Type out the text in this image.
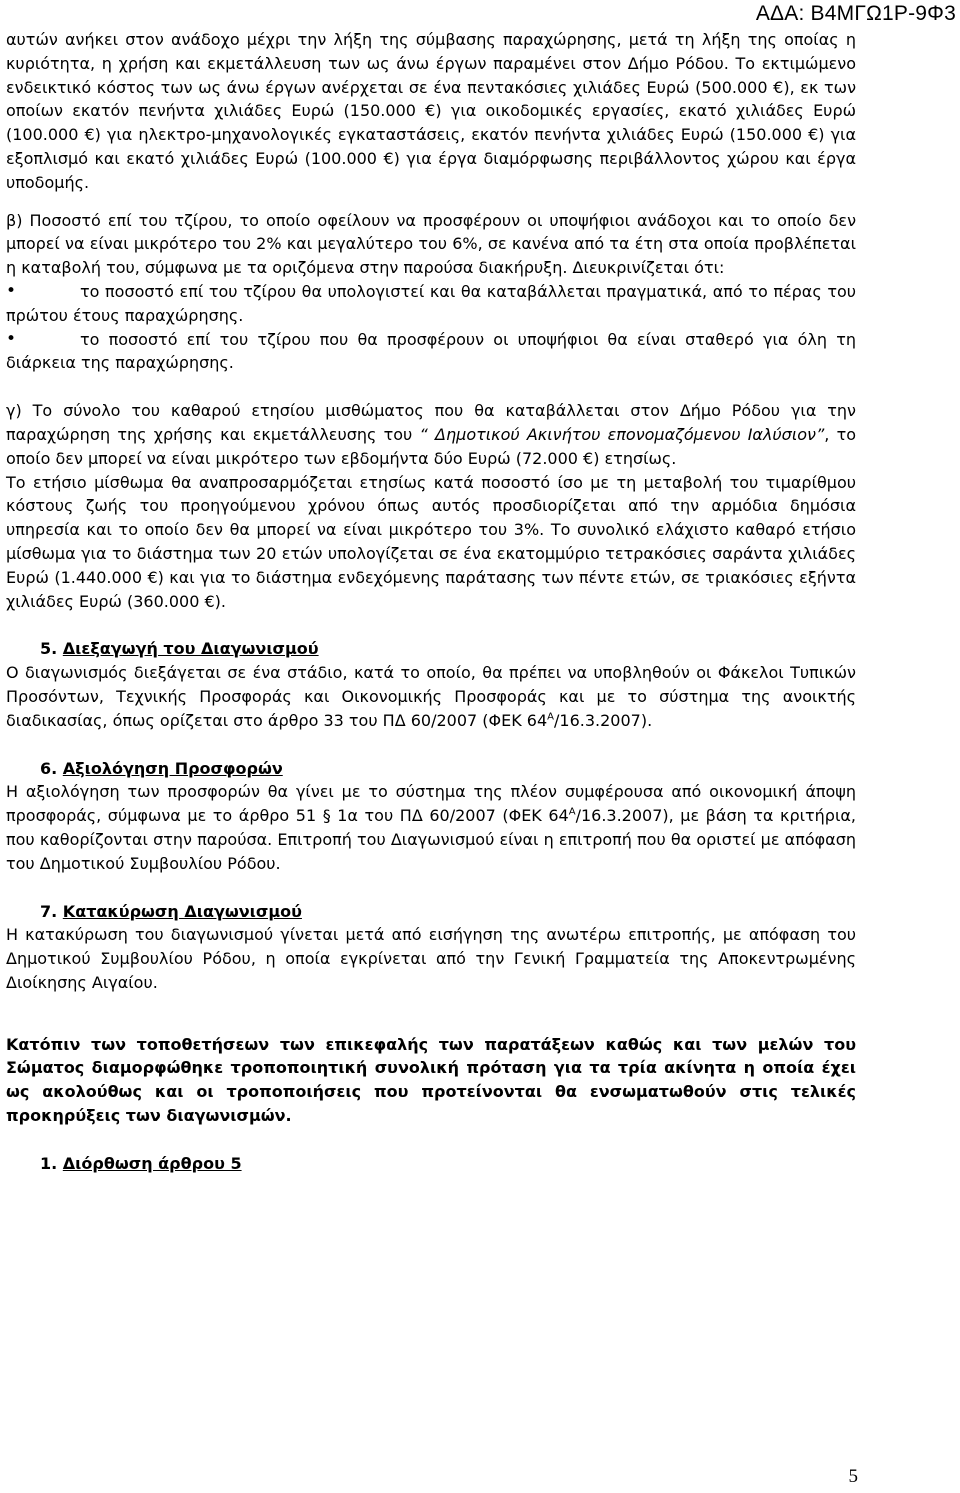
ΑΔΑ: Β4ΜΓΩ1Ρ-9Φ3

αυτών ανήκει στον ανάδοχο μέχρι την λήξη της σύμβασης παραχώρησης, μετά τη λήξη της οποίας η κυριότητα, η χρήση και εκμετάλλευση των ως άνω έργων παραμένει στον Δήμο Ρόδου. Το εκτιμώμενο ενδεικτικό κόστος των ως άνω έργων ανέρχεται σε ένα πεντακόσιες χιλιάδες Ευρώ (500.000 €), εκ των οποίων εκατόν πενήντα χιλιάδες Ευρώ (150.000 €) για οικοδομικές εργασίες, εκατό χιλιάδες Ευρώ (100.000 €) για ηλεκτρο-μηχανολογικές εγκαταστάσεις, εκατόν πενήντα χιλιάδες Ευρώ (150.000 €) για εξοπλισμό και εκατό χιλιάδες Ευρώ (100.000 €) για έργα διαμόρφωσης περιβάλλοντος χώρου και έργα υποδομής.

β) Ποσοστό επί του τζίρου, το οποίο οφείλουν να προσφέρουν οι υποψήφιοι ανάδοχοι και το οποίο δεν μπορεί να είναι μικρότερο του 2% και μεγαλύτερο του 6%, σε κανένα από τα έτη στα οποία προβλέπεται η καταβολή του, σύμφωνα με τα οριζόμενα στην παρούσα διακήρυξη. Διευκρινίζεται ότι:

•	το ποσοστό επί του τζίρου θα υπολογιστεί και θα καταβάλλεται πραγματικά, από το πέρας του πρώτου έτους παραχώρησης.

•	το ποσοστό επί του τζίρου που θα προσφέρουν οι υποψήφιοι θα είναι σταθερό για όλη τη διάρκεια της παραχώρησης.

γ) Το σύνολο του καθαρού ετησίου μισθώματος που θα καταβάλλεται στον Δήμο Ρόδου για την παραχώρηση της χρήσης και εκμετάλλευσης του “ Δημοτικού Ακινήτου επονομαζόμενου Ιαλύσιον”, το οποίο δεν μπορεί να είναι μικρότερο των εβδομήντα δύο Ευρώ (72.000 €) ετησίως.

Το ετήσιο μίσθωμα θα αναπροσαρμόζεται ετησίως κατά ποσοστό ίσο με τη μεταβολή του τιμαρίθμου κόστους ζωής του προηγούμενου χρόνου όπως αυτός προσδιορίζεται από την αρμόδια δημόσια υπηρεσία και το οποίο δεν θα μπορεί να είναι μικρότερο του 3%. Το συνολικό ελάχιστο καθαρό ετήσιο μίσθωμα για το διάστημα των 20 ετών υπολογίζεται σε ένα εκατομμύριο τετρακόσιες σαράντα χιλιάδες Ευρώ (1.440.000 €) και για το διάστημα ενδεχόμενης παράτασης των πέντε ετών, σε τριακόσιες εξήντα χιλιάδες Ευρώ (360.000 €).

5. Διεξαγωγή του Διαγωνισμού

Ο διαγωνισμός διεξάγεται σε ένα στάδιο, κατά το οποίο, θα πρέπει να υποβληθούν οι Φάκελοι Τυπικών Προσόντων, Τεχνικής Προσφοράς και Οικονομικής Προσφοράς και με το σύστημα της ανοικτής διαδικασίας, όπως ορίζεται στο άρθρο 33 του ΠΔ 60/2007 (ΦΕΚ $64^A/16.3.2007$).

6. Αξιολόγηση Προσφορών

Η αξιολόγηση των προσφορών θα γίνει με το σύστημα της πλέον συμφέρουσα από οικονομική άποψη προσφοράς, σύμφωνα με το άρθρο 51 § 1α του ΠΔ 60/2007 (ΦΕΚ $64^A/16.3.2007$), με βάση τα κριτήρια, που καθορίζονται στην παρούσα. Επιτροπή του Διαγωνισμού είναι η επιτροπή που θα οριστεί με απόφαση του Δημοτικού Συμβουλίου Ρόδου.

7. Κατακύρωση Διαγωνισμού

Η κατακύρωση του διαγωνισμού γίνεται μετά από εισήγηση της ανωτέρω επιτροπής, με απόφαση του Δημοτικού Συμβουλίου Ρόδου, η οποία εγκρίνεται από την Γενική Γραμματεία της Αποκεντρωμένης Διοίκησης Αιγαίου.

Κατόπιν των τοποθετήσεων των επικεφαλής των παρατάξεων καθώς και των μελών του Σώματος διαμορφώθηκε τροποποιητική συνολική πρόταση για τα τρία ακίνητα η οποία έχει ως ακολούθως και οι τροποποιήσεις που προτείνονται θα ενσωματωθούν στις τελικές προκηρύξεις των διαγωνισμών.

1. Διόρθωση άρθρου 5

5
